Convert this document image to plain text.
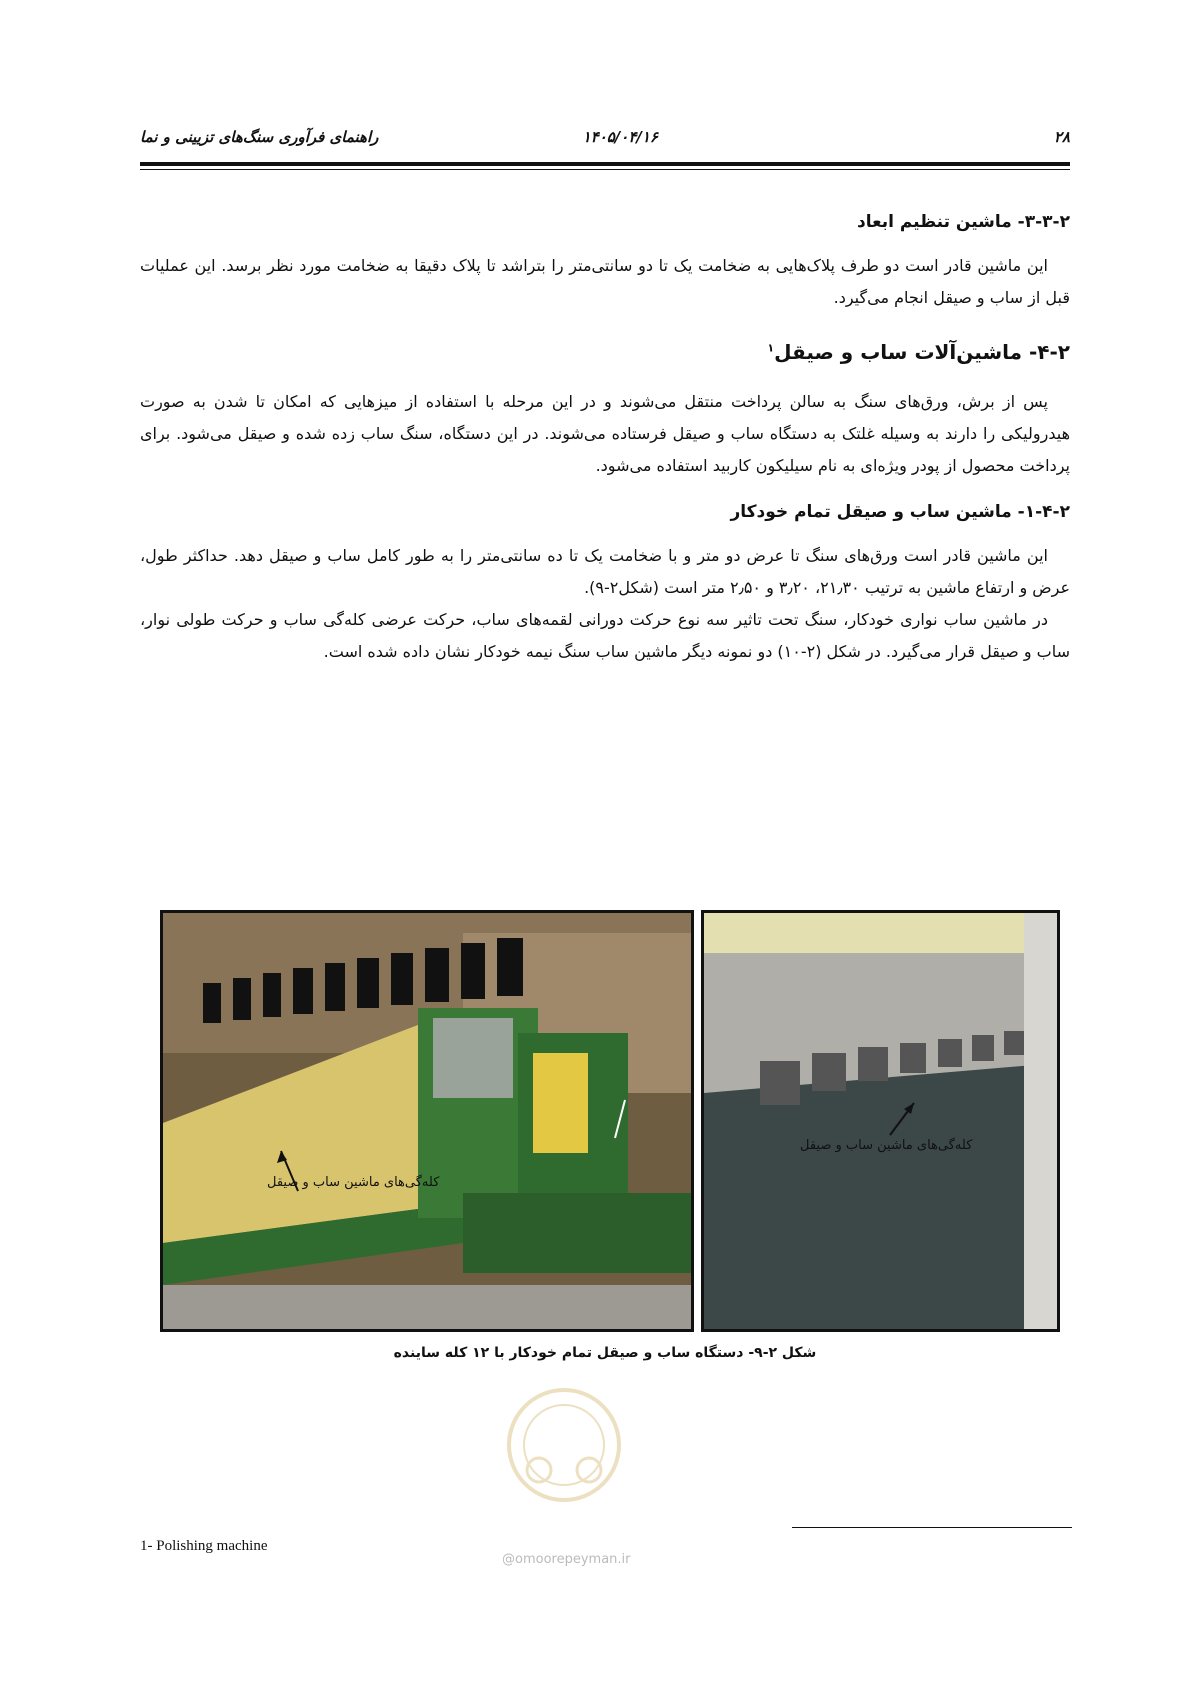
۲۸
۱۴۰۵/۰۴/۱۶
راهنمای فرآوری سنگ‌های تزیینی و نما
۳-۳-۲- ماشین تنظیم ابعاد

این ماشین قادر است دو طرف پلاک‌هایی به ضخامت یک تا دو سانتی‌متر را بتراشد تا پلاک دقیقا به ضخامت مورد نظر برسد. این عملیات قبل از ساب و صیقل انجام می‌گیرد.

۴-۲- ماشین‌آلات ساب و صیقل$^۱$

پس از برش، ورق‌های سنگ به سالن پرداخت منتقل می‌شوند و در این مرحله با استفاده از میزهایی که امکان تا شدن به صورت هیدرولیکی را دارند به وسیله غلتک به دستگاه ساب و صیقل فرستاده می‌شوند. در این دستگاه، سنگ ساب زده شده و صیقل می‌شود. برای پرداخت محصول از پودر ویژه‌ای به نام سیلیکون کاربید استفاده می‌شود.

۱-۴-۲- ماشین ساب و صیقل تمام خودکار

این ماشین قادر است ورق‌های سنگ تا عرض دو متر و با ضخامت یک تا ده سانتی‌متر را به طور کامل ساب و صیقل دهد. حداکثر طول، عرض و ارتفاع ماشین به ترتیب ۲۱٫۳۰، ۳٫۲۰ و ۲٫۵۰ متر است (شکل۲-۹).

در ماشین ساب نواری خودکار، سنگ تحت تاثیر سه نوع حرکت دورانی لقمه‌های ساب، حرکت عرضی کله‌گی ساب و حرکت طولی نوار، ساب و صیقل قرار می‌گیرد. در شکل (۲-۱۰) دو نمونه دیگر ماشین ساب سنگ نیمه خودکار نشان داده شده است.

کله‌گی‌های ماشین ساب و صیقل
کله‌گی‌های ماشین ساب و صیقل
شکل ۲-۹- دستگاه ساب و صیقل تمام خودکار با ۱۲ کله ساینده
@omoorepeyman.ir
1- Polishing machine
